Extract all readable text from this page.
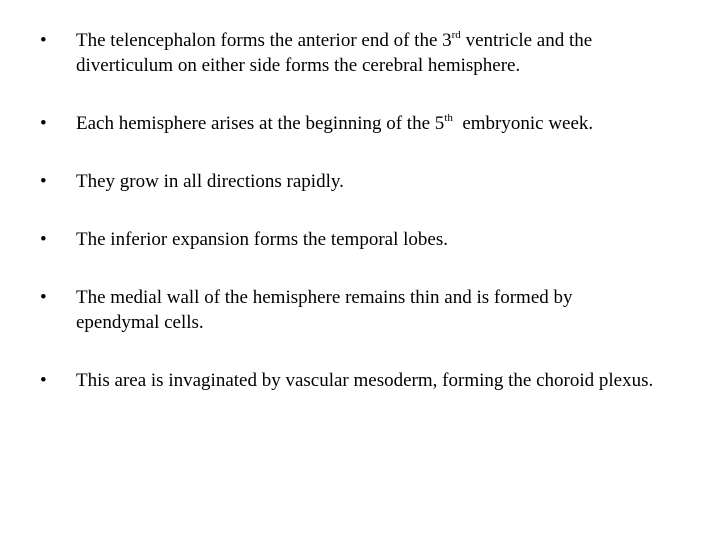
• The telencephalon forms the anterior end of the 3rd ventricle and the diverticulum on either side forms the cerebral hemisphere.
• Each hemisphere arises at the beginning of the 5th  embryonic week.
• They grow in all directions rapidly.
• The inferior expansion forms the temporal lobes.
• The medial wall of the hemisphere remains thin and is formed by ependymal cells.
• This area is invaginated by vascular mesoderm, forming the choroid plexus.
